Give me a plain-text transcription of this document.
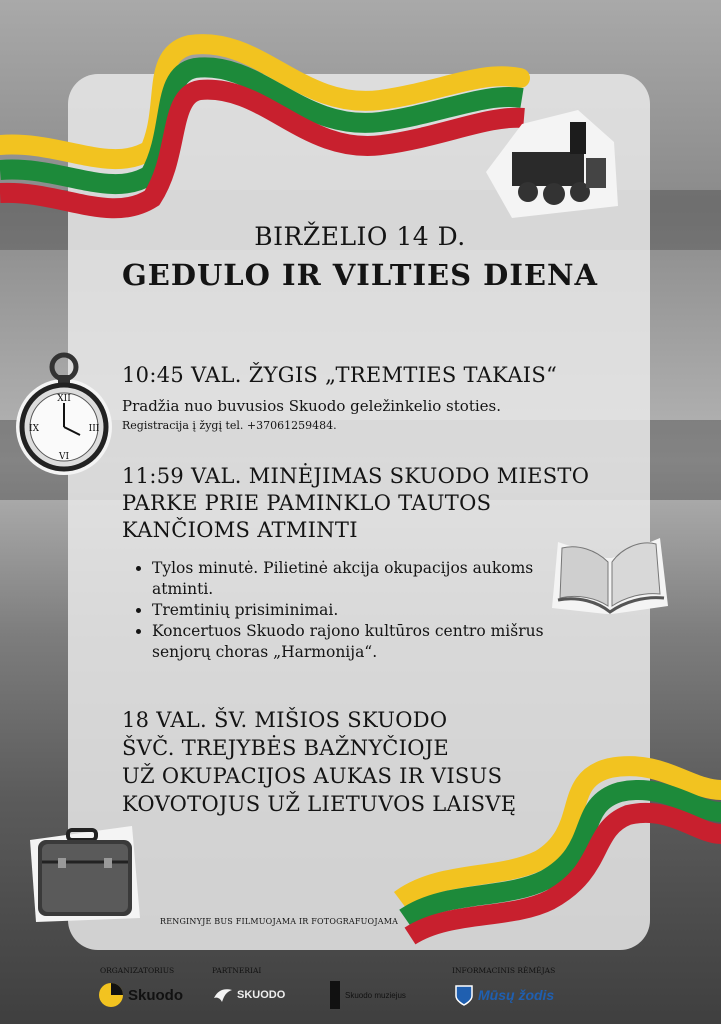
XII
VI
IX	III
BIRŽELIO 14 D.
GEDULO IR VILTIES DIENA
10:45 VAL. ŽYGIS „TREMTIES TAKAIS“
Pradžia nuo buvusios Skuodo geležinkelio stoties.
Registracija į žygį tel. +37061259484.
11:59 VAL. MINĖJIMAS SKUODO MIESTO
PARKE PRIE PAMINKLO TAUTOS
KANČIOMS ATMINTI
• Tylos minutė. Pilietinė akcija okupacijos aukoms atminti.
• Tremtinių prisiminimai.
• Koncertuos Skuodo rajono kultūros centro mišrus senjorų choras „Harmonija“.
18 VAL. ŠV. MIŠIOS SKUODO
ŠVČ. TREJYBĖS BAŽNYČIOJE
UŽ OKUPACIJOS AUKAS IR VISUS
KOVOTOJUS UŽ LIETUVOS LAISVĘ
RENGINYJE BUS FILMUOJAMA IR FOTOGRAFUOJAMA
ORGANIZATORIUS	PARTNERIAI	INFORMACINIS RĖMĖJAS
Skuodo	SKUODO	Skuodo muziejus	Mūsų žodis
